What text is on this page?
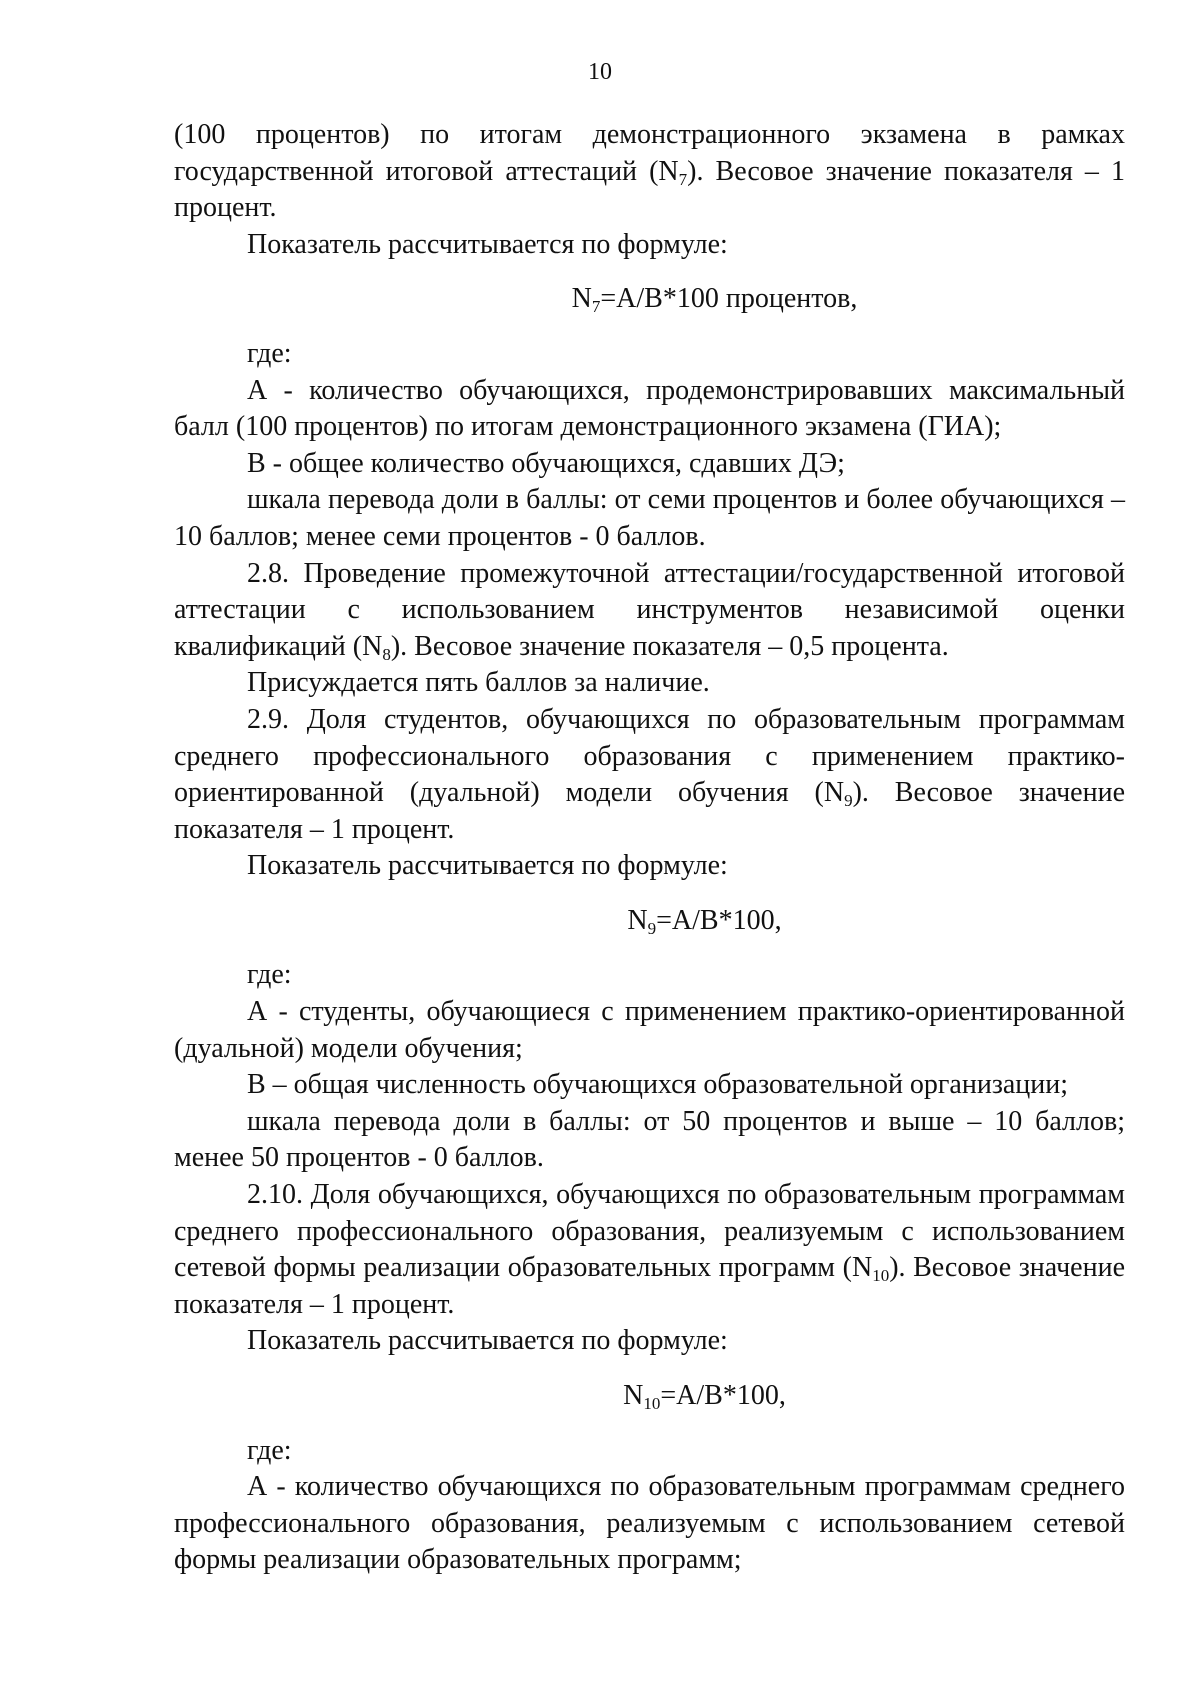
10

(100 процентов) по итогам демонстрационного экзамена в рамках государственной итоговой аттестаций $(N_7)$. Весовое значение показателя – 1 процент.

Показатель рассчитывается по формуле:

$N_7=A/B*100$ процентов,

где:

А - количество обучающихся, продемонстрировавших максимальный балл (100 процентов) по итогам демонстрационного экзамена (ГИА);

В - общее количество обучающихся, сдавших ДЭ;

шкала перевода доли в баллы: от семи процентов и более обучающихся – 10 баллов; менее семи процентов - 0 баллов.

2.8. Проведение промежуточной аттестации/государственной итоговой аттестации с использованием инструментов независимой оценки квалификаций $(N_8)$. Весовое значение показателя – 0,5 процента.

Присуждается пять баллов за наличие.

2.9. Доля студентов, обучающихся по образовательным программам среднего профессионального образования с применением практико-ориентированной (дуальной) модели обучения $(N_9)$. Весовое значение показателя – 1 процент.

Показатель рассчитывается по формуле:

$N_9=A/B*100$,

где:

А - студенты, обучающиеся с применением практико-ориентированной (дуальной) модели обучения;

В – общая численность обучающихся образовательной организации;

шкала перевода доли в баллы: от 50 процентов и выше – 10 баллов; менее 50 процентов - 0 баллов.

2.10. Доля обучающихся, обучающихся по образовательным программам среднего профессионального образования, реализуемым с использованием сетевой формы реализации образовательных программ $(N_{10})$. Весовое значение показателя – 1 процент.

Показатель рассчитывается по формуле:

$N_{10}=A/B*100$,

где:

А - количество обучающихся по образовательным программам среднего профессионального образования, реализуемым с использованием сетевой формы реализации образовательных программ;
